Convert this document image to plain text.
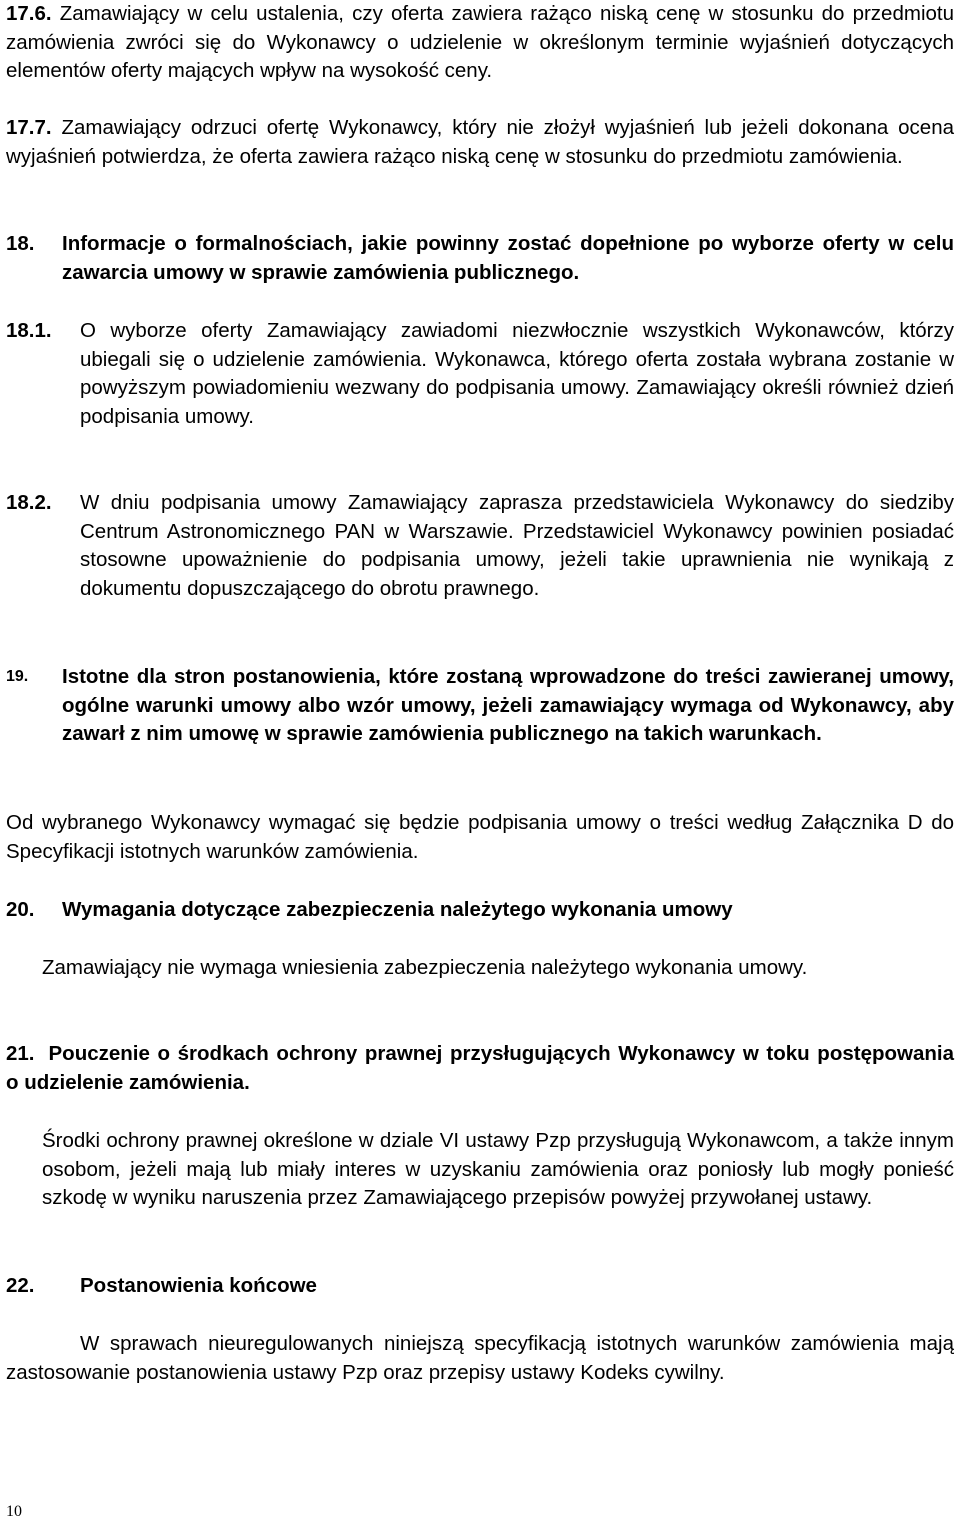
17.6. Zamawiający w celu ustalenia, czy oferta zawiera rażąco niską cenę w stosunku do przedmiotu zamówienia zwróci się do Wykonawcy o udzielenie w określonym terminie wyjaśnień dotyczących elementów oferty mających wpływ na wysokość ceny.

17.7. Zamawiający odrzuci ofertę Wykonawcy, który nie złożył wyjaśnień lub jeżeli dokonana ocena wyjaśnień potwierdza, że oferta zawiera rażąco niską cenę w stosunku do przedmiotu zamówienia.

18.	Informacje o formalnościach, jakie powinny zostać dopełnione po wyborze oferty w celu zawarcia umowy w sprawie zamówienia publicznego.
18.1.	O wyborze oferty Zamawiający zawiadomi niezwłocznie wszystkich Wykonawców, którzy ubiegali się o udzielenie zamówienia. Wykonawca, którego oferta została wybrana zostanie w powyższym powiadomieniu wezwany do podpisania umowy. Zamawiający określi również dzień podpisania umowy.
18.2.	W dniu podpisania umowy Zamawiający zaprasza przedstawiciela Wykonawcy do siedziby Centrum Astronomicznego PAN w Warszawie. Przedstawiciel Wykonawcy powinien posiadać stosowne upoważnienie do podpisania umowy, jeżeli takie uprawnienia nie wynikają z dokumentu dopuszczającego do obrotu prawnego.
19.	Istotne dla stron postanowienia, które zostaną wprowadzone do treści zawieranej umowy, ogólne warunki umowy albo wzór umowy, jeżeli zamawiający wymaga od Wykonawcy, aby zawarł z nim umowę w sprawie zamówienia publicznego na takich warunkach.

Od wybranego Wykonawcy wymagać się będzie podpisania umowy o treści według Załącznika D do Specyfikacji istotnych warunków zamówienia.

20.	Wymagania dotyczące zabezpieczenia należytego wykonania umowy

Zamawiający nie wymaga wniesienia zabezpieczenia należytego wykonania umowy.

21. Pouczenie o środkach ochrony prawnej przysługujących Wykonawcy w toku postępowania o udzielenie zamówienia.

Środki ochrony prawnej określone w dziale VI ustawy Pzp przysługują Wykonawcom, a także innym osobom, jeżeli mają lub miały interes w uzyskaniu zamówienia oraz poniosły lub mogły ponieść szkodę w wyniku naruszenia przez Zamawiającego przepisów powyżej przywołanej ustawy.

22.	Postanowienia końcowe

W sprawach nieuregulowanych niniejszą specyfikacją istotnych warunków zamówienia mają zastosowanie postanowienia ustawy Pzp oraz przepisy ustawy Kodeks cywilny.

10
